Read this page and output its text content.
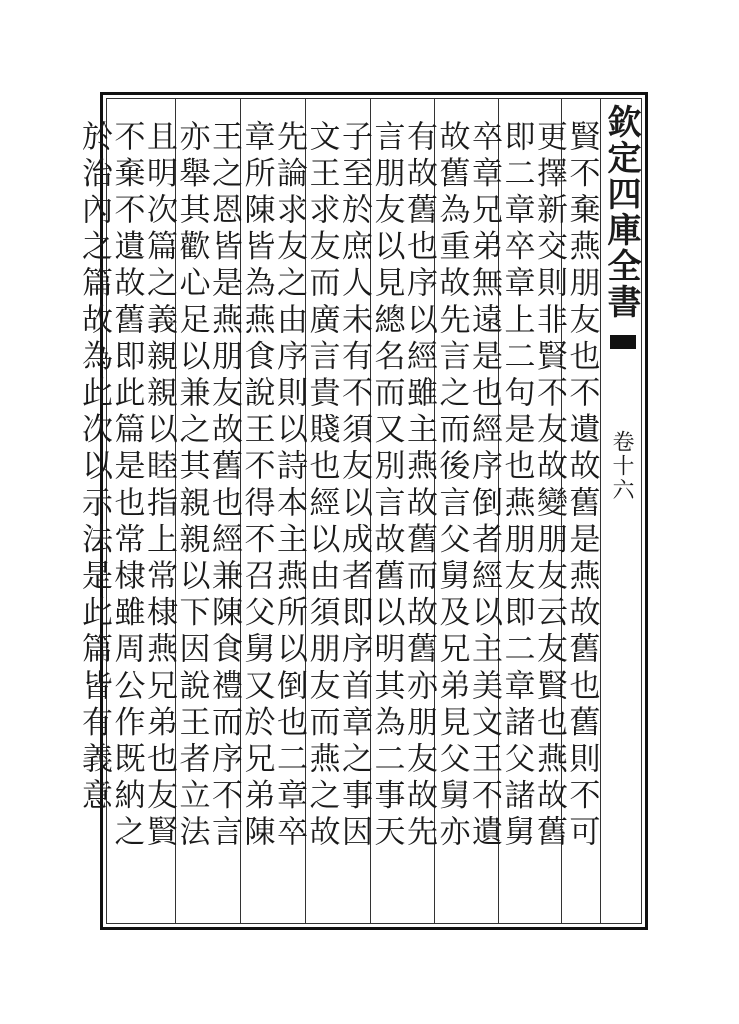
欽定四庫全書
卷十六
賢不棄燕朋友也不遺故舊是燕故舊也舊則不可
更擇新交則非賢不友故變朋友云友賢也燕故舊
即二章卒章上二句是也燕朋友即二章諸父諸舅
卒章兄弟無遠是也經序倒者經以主美文王不遺
故舊為重故先言之而後言父舅及兄弟見父舅亦
有故舊也序以經雖主燕故舊而故舊亦朋友故先
言朋友以見總名而又別言故舊以明其為二事天
子至於庶人未有不須友以成者即序首章之事因
文王求友而廣言貴賤也經以由須朋友而燕之故
先論求友之由序則以詩本主燕所以倒也二章卒
章所陳皆為燕食說王不得不召父舅又於兄弟陳
王之恩皆是燕朋友故舊也經兼陳食禮而序不言
亦舉其歡心足以兼之其親親以下因說王者立法
且明次篇之義親親以睦指上常棣燕兄弟也友賢
不棄不遺故舊即此篇是也常棣雖周公作既納之
於治內之篇故為此次以示法是此篇皆有義意
